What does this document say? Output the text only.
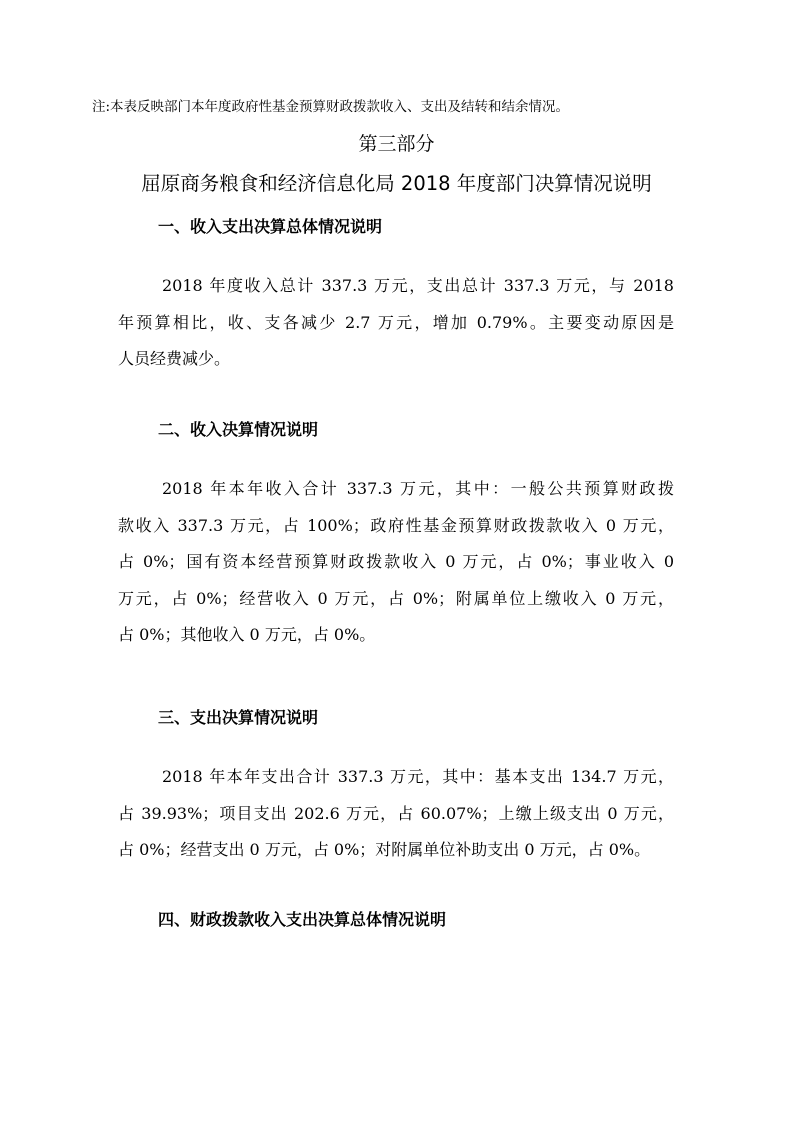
注:本表反映部门本年度政府性基金预算财政拨款收入、支出及结转和结余情况。
第三部分
屈原商务粮食和经济信息化局 2018 年度部门决算情况说明
一、收入支出决算总体情况说明
2018 年度收入总计 337.3 万元，支出总计 337.3 万元，与 2018
年预算相比，收、支各减少 2.7 万元，增加 0.79%。主要变动原因是
人员经费减少。
二、收入决算情况说明
2018 年本年收入合计 337.3 万元，其中：一般公共预算财政拨
款收入 337.3 万元，占 100%；政府性基金预算财政拨款收入 0 万元，
占 0%；国有资本经营预算财政拨款收入 0 万元，占 0%；事业收入 0
万元，占 0%；经营收入 0 万元，占 0%；附属单位上缴收入 0 万元，
占 0%；其他收入 0 万元，占 0%。
三、支出决算情况说明
2018 年本年支出合计 337.3 万元，其中：基本支出 134.7 万元，
占 39.93%；项目支出 202.6 万元，占 60.07%；上缴上级支出 0 万元，
占 0%；经营支出 0 万元，占 0%；对附属单位补助支出 0 万元，占 0%。
四、财政拨款收入支出决算总体情况说明
